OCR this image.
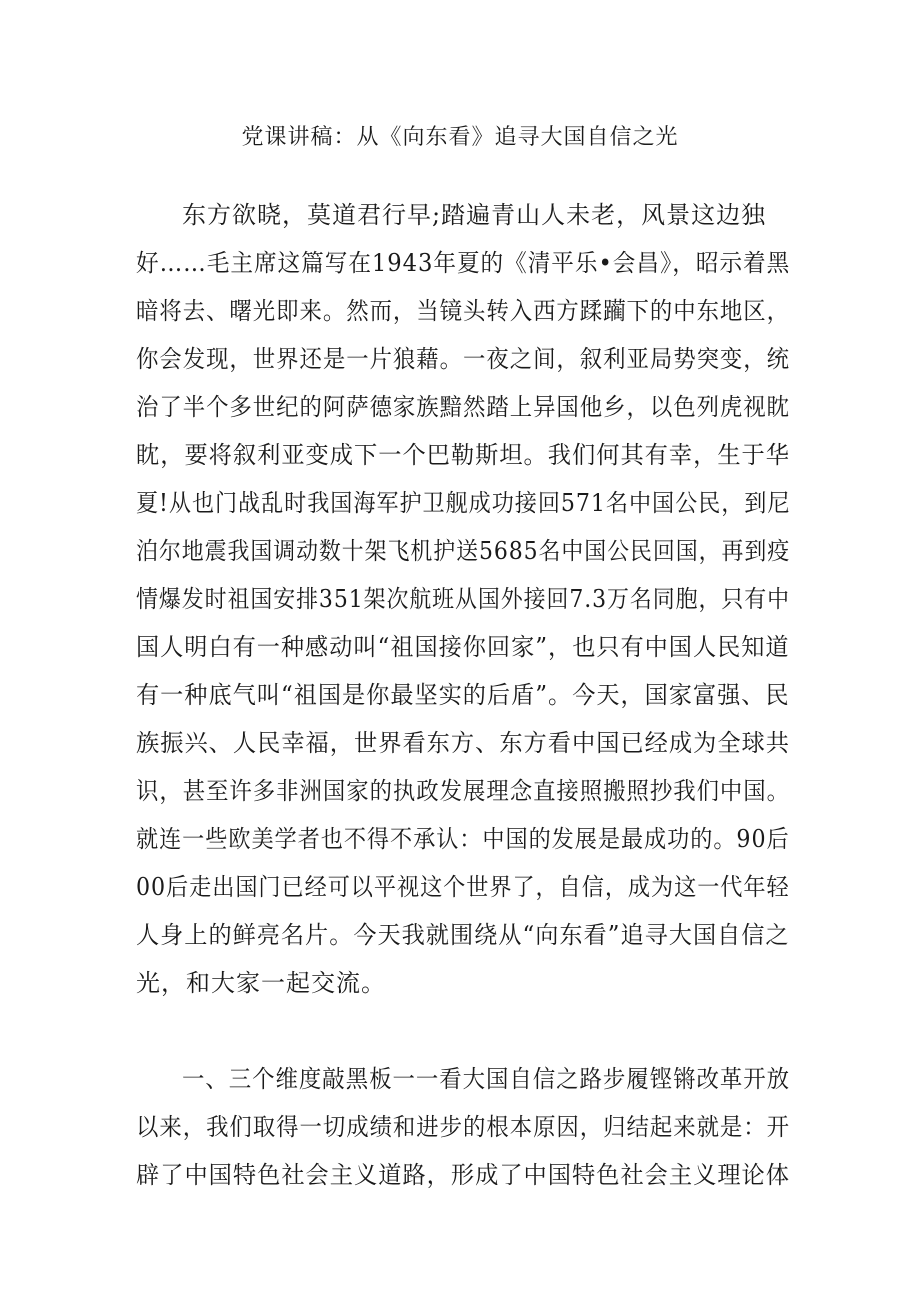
党课讲稿：从《向东看》追寻大国自信之光
东方欲晓，莫道君行早;踏遍青山人未老，风景这边独
好……毛主席这篇写在1943年夏的《清平乐•会昌》，昭示着黑
暗将去、曙光即来。然而，当镜头转入西方蹂躏下的中东地区，
你会发现，世界还是一片狼藉。一夜之间，叙利亚局势突变，统
治了半个多世纪的阿萨德家族黯然踏上异国他乡，以色列虎视眈
眈，要将叙利亚变成下一个巴勒斯坦。我们何其有幸，生于华
夏!从也门战乱时我国海军护卫舰成功接回571名中国公民，到尼
泊尔地震我国调动数十架飞机护送5685名中国公民回国，再到疫
情爆发时祖国安排351架次航班从国外接回7.3万名同胞，只有中
国人明白有一种感动叫“祖国接你回家”，也只有中国人民知道
有一种底气叫“祖国是你最坚实的后盾”。今天，国家富强、民
族振兴、人民幸福，世界看东方、东方看中国已经成为全球共
识，甚至许多非洲国家的执政发展理念直接照搬照抄我们中国。
就连一些欧美学者也不得不承认：中国的发展是最成功的。90后
00后走出国门已经可以平视这个世界了，自信，成为这一代年轻
人身上的鲜亮名片。今天我就围绕从“向东看”追寻大国自信之
光，和大家一起交流。
一、三个维度敲黑板一一看大国自信之路步履铿锵改革开放
以来，我们取得一切成绩和进步的根本原因，归结起来就是：开
辟了中国特色社会主义道路，形成了中国特色社会主义理论体
